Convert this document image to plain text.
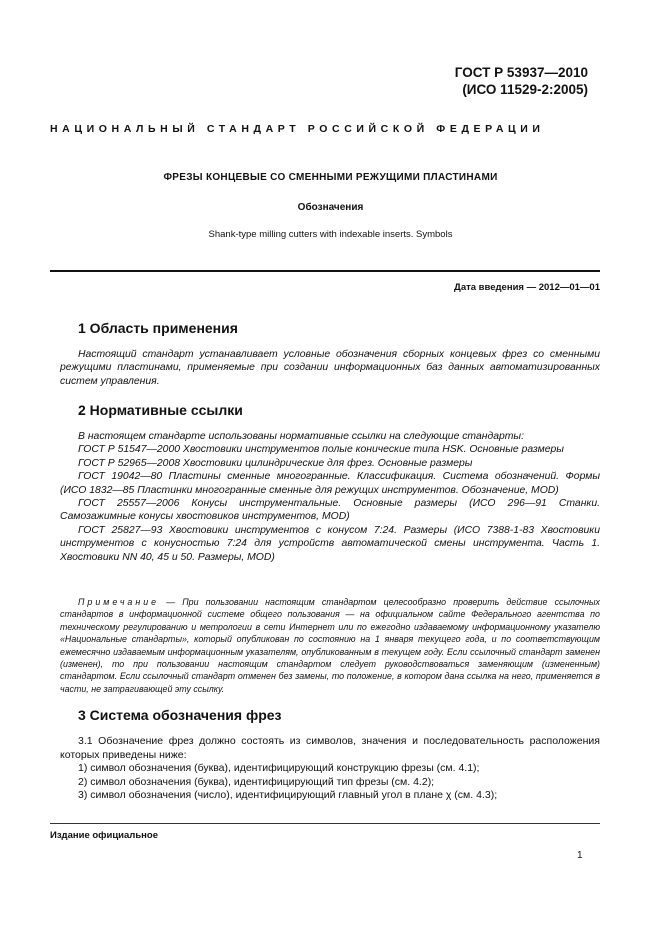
ГОСТ Р 53937—2010
(ИСО 11529-2:2005)
НАЦИОНАЛЬНЫЙ СТАНДАРТ РОССИЙСКОЙ ФЕДЕРАЦИИ
ФРЕЗЫ КОНЦЕВЫЕ СО СМЕННЫМИ РЕЖУЩИМИ ПЛАСТИНАМИ
Обозначения
Shank-type milling cutters with indexable inserts. Symbols
Дата введения — 2012—01—01
1 Область применения
Настоящий стандарт устанавливает условные обозначения сборных концевых фрез со сменными режущими пластинами, применяемые при создании информационных баз данных автоматизированных систем управления.
2 Нормативные ссылки
В настоящем стандарте использованы нормативные ссылки на следующие стандарты:
ГОСТ Р 51547—2000 Хвостовики инструментов полые конические типа HSK. Основные размеры
ГОСТ Р 52965—2008 Хвостовики цилиндрические для фрез. Основные размеры
ГОСТ 19042—80 Пластины сменные многогранные. Классификация. Система обозначений. Формы (ИСО 1832—85 Пластинки многогранные сменные для режущих инструментов. Обозначение, MOD)
ГОСТ 25557—2006 Конусы инструментальные. Основные размеры (ИСО 296—91 Станки. Самозажимные конусы хвостовиков инструментов, MOD)
ГОСТ 25827—93 Хвостовики инструментов с конусом 7:24. Размеры (ИСО 7388-1-83 Хвостовики инструментов с конусностью 7:24 для устройств автоматической смены инструмента. Часть 1. Хвостовики NN 40, 45 и 50. Размеры, MOD)
Примечание — При пользовании настоящим стандартом целесообразно проверить действие ссылочных стандартов в информационной системе общего пользования — на официальном сайте Федерального агентства по техническому регулированию и метрологии в сети Интернет или по ежегодно издаваемому информационному указателю «Национальные стандарты», который опубликован по состоянию на 1 января текущего года, и по соответствующим ежемесячно издаваемым информационным указателям, опубликованным в текущем году. Если ссылочный стандарт заменен (изменен), то при пользовании настоящим стандартом следует руководствоваться заменяющим (измененным) стандартом. Если ссылочный стандарт отменен без замены, то положение, в котором дана ссылка на него, применяется в части, не затрагивающей эту ссылку.
3 Система обозначения фрез
3.1 Обозначение фрез должно состоять из символов, значения и последовательность расположения которых приведены ниже:
1) символ обозначения (буква), идентифицирующий конструкцию фрезы (см. 4.1);
2) символ обозначения (буква), идентифицирующий тип фрезы (см. 4.2);
3) символ обозначения (число), идентифицирующий главный угол в плане χ (см. 4.3);
Издание официальное
1
